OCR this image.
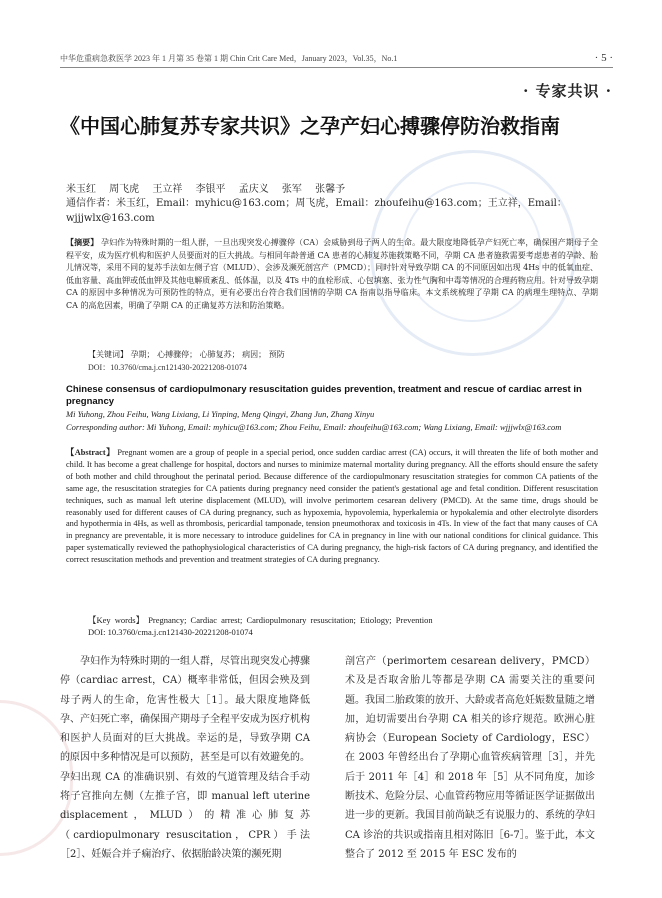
中华危重病急救医学 2023 年 1 月第 35 卷第 1 期 Chin Crit Care Med，January 2023，Vol.35，No.1	· 5 ·
· 专家共识 ·
《中国心肺复苏专家共识》之孕产妇心搏骤停防治救指南
米玉红 周飞虎 王立祥 李银平 孟庆义 张军 张馨予
通信作者：米玉红，Email：myhicu@163.com；周飞虎，Email：zhoufeihu@163.com；王立祥，Email：wjjjwlx@163.com
【摘要】 孕妇作为特殊时期的一组人群，一旦出现突发心搏骤停（CA）会威胁到母子两人的生命。最大限度地降低孕产妇死亡率，确保围产期母子全程平安，成为医疗机构和医护人员要面对的巨大挑战。与相同年龄普通 CA 患者的心肺复苏施救策略不同，孕期 CA 患者施救需要考虑患者的孕龄、胎儿情况等，采用不同的复苏手法如左侧子宫（MLUD）、会涉及濒死剖宫产（PMCD）；同时针对导致孕期 CA 的不同原因如出现 4Hs 中的低氧血症、低血容量、高血钾或低血钾及其他电解质紊乱、低体温，以及 4Ts 中的血栓形成、心包填塞、张力性气胸和中毒等情况的合理药物应用。针对导致孕期 CA 的原因中多种情况为可预防性的特点，更有必要出台符合我们国情的孕期 CA 指南以指导临床。本文系统梳理了孕期 CA 的病理生理特点、孕期 CA 的高危因素，明确了孕期 CA 的正确复苏方法和防治策略。
【关键词】 孕期； 心搏骤停； 心肺复苏； 病因； 预防
DOI：10.3760/cma.j.cn121430-20221208-01074
Chinese consensus of cardiopulmonary resuscitation guides prevention, treatment and rescue of cardiac arrest in pregnancy
Mi Yuhong, Zhou Feihu, Wang Lixiang, Li Yinping, Meng Qingyi, Zhang Jun, Zhang Xinyu
Corresponding author: Mi Yuhong, Email: myhicu@163.com; Zhou Feihu, Email: zhoufeihu@163.com; Wang Lixiang, Email: wjjjwlx@163.com
【Abstract】 Pregnant women are a group of people in a special period, once sudden cardiac arrest (CA) occurs, it will threaten the life of both mother and child. It has become a great challenge for hospital, doctors and nurses to minimize maternal mortality during pregnancy. All the efforts should ensure the safety of both mother and child throughout the perinatal period. Because difference of the cardiopulmonary resuscitation strategies for common CA patients of the same age, the resuscitation strategies for CA patients during pregnancy need consider the patient's gestational age and fetal condition. Different resuscitation techniques, such as manual left uterine displacement (MLUD), will involve perimortem cesarean delivery (PMCD). At the same time, drugs should be reasonably used for different causes of CA during pregnancy, such as hypoxemia, hypovolemia, hyperkalemia or hypokalemia and other electrolyte disorders and hypothermia in 4Hs, as well as thrombosis, pericardial tamponade, tension pneumothorax and toxicosis in 4Ts. In view of the fact that many causes of CA in pregnancy are preventable, it is more necessary to introduce guidelines for CA in pregnancy in line with our national conditions for clinical guidance. This paper systematically reviewed the pathophysiological characteristics of CA during pregnancy, the high-risk factors of CA during pregnancy, and identified the correct resuscitation methods and prevention and treatment strategies of CA during pregnancy.
【Key words】 Pregnancy; Cardiac arrest; Cardiopulmonary resuscitation; Etiology; Prevention
DOI: 10.3760/cma.j.cn121430-20221208-01074
孕妇作为特殊时期的一组人群，尽管出现突发心搏骤停（cardiac arrest，CA）概率非常低，但因会殃及到母子两人的生命，危害性极大［1］。最大限度地降低孕、产妇死亡率，确保围产期母子全程平安成为医疗机构和医护人员面对的巨大挑战。幸运的是，导致孕期 CA 的原因中多种情况是可以预防，甚至是可以有效避免的。孕妇出现 CA 的准确识别、有效的气道管理及结合手动将子宫推向左侧（左推子宫，即 manual left uterine displacement，MLUD）的精准心肺复苏（cardiopulmonary resuscitation，CPR）手法［2］、妊娠合并子痫治疗、依据胎龄决策的濒死期
剖宫产（perimortem cesarean delivery，PMCD）术及是否取舍胎儿等都是孕期 CA 需要关注的重要问题。我国二胎政策的放开、大龄或者高危妊娠数量随之增加，迫切需要出台孕期 CA 相关的诊疗规范。欧洲心脏病协会（European Society of Cardiology，ESC）在 2003 年曾经出台了孕期心血管疾病管理［3］，并先后于 2011 年［4］和 2018 年［5］从不同角度，加诊断技术、危险分层、心血管药物应用等循证医学证据做出进一步的更新。我国目前尚缺乏有说服力的、系统的孕妇 CA 诊治的共识或指南且相对陈旧［6-7］。鉴于此，本文整合了 2012 至 2015 年 ESC 发布的
